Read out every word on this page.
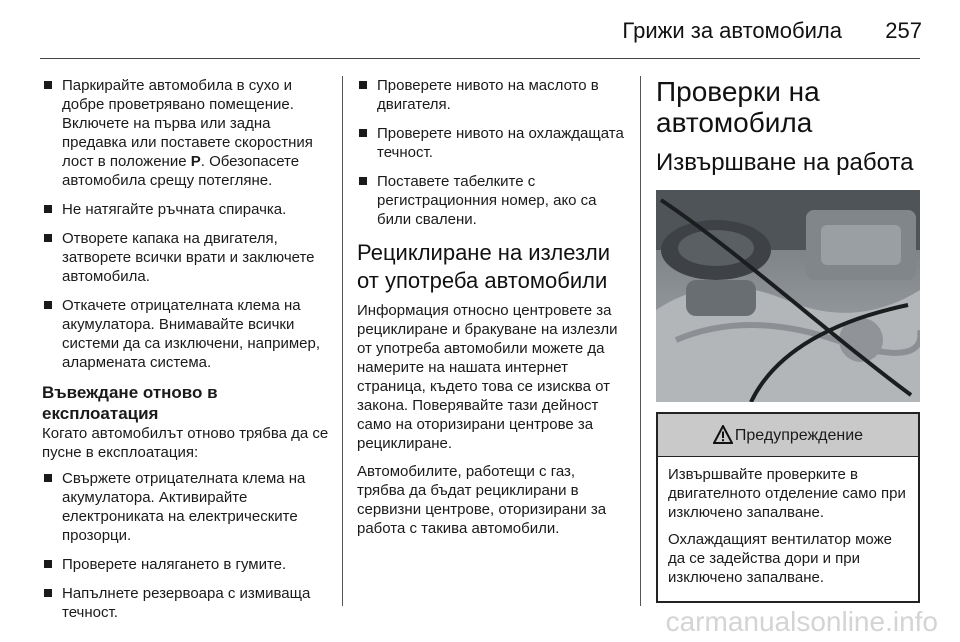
Грижи за автомобила 257
Паркирайте автомобила в сухо и добре проветрявано помещение. Включете на първа или задна предавка или поставете скоростния лост в положение P. Обезопасете автомобила срещу потегляне.
Не натягайте ръчната спирачка.
Отворете капака на двигателя, затворете всички врати и заключете автомобила.
Откачете отрицателната клема на акумулатора. Внимавайте всички системи да са изключени, например, алармената система.
Въвеждане отново в експлоатация

Когато автомобилът отново трябва да се пусне в експлоатация:

Свържете отрицателната клема на акумулатора. Активирайте електрониката на електрическите прозорци.
Проверете налягането в гумите.
Напълнете резервоара с измиваща течност.
Проверете нивото на маслото в двигателя.
Проверете нивото на охлаждащата течност.
Поставете табелките с регистрационния номер, ако са били свалени.
Рециклиране на излезли от употреба автомобили

Информация относно центровете за рециклиране и бракуване на излезли от употреба автомобили можете да намерите на нашата интернет страница, където това се изисква от закона. Поверявайте тази дейност само на оторизирани центрове за рециклиране.

Автомобилите, работещи с газ, трябва да бъдат рециклирани в сервизни центрове, оторизирани за работа с такива автомобили.

Проверки на автомобила
Извършване на работа
Предупреждение

Извършвайте проверките в двигателното отделение само при изключено запалване.

Охлаждащият вентилатор може да се задейства дори и при изключено запалване.

carmanualsonline.info
